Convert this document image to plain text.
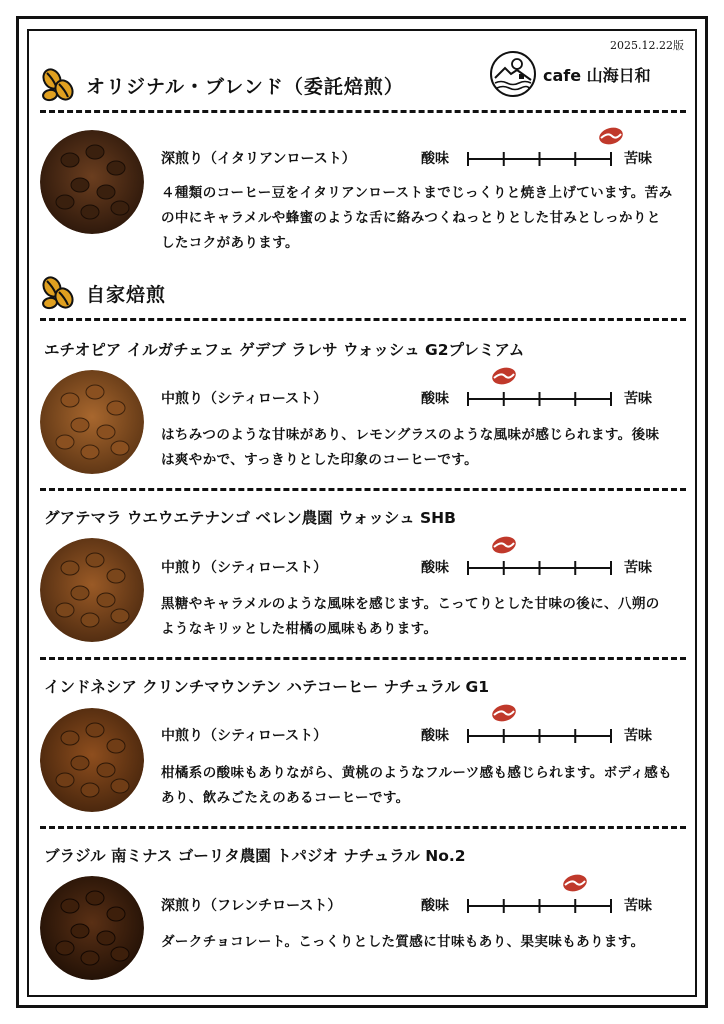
2025.12.22版
cafe 山海日和
オリジナル・ブレンド（委託焙煎）
深煎り（イタリアンロースト）	酸味	苦味
４種類のコーヒー豆をイタリアンローストまでじっくりと焼き上げています。苦みの中にキャラメルや蜂蜜のような舌に絡みつくねっとりとした甘みとしっかりとしたコクがあります。
自家焙煎
エチオピア イルガチェフェ ゲデブ ラレサ ウォッシュ G2プレミアム
中煎り（シティロースト）	酸味	苦味
はちみつのような甘味があり、レモングラスのような風味が感じられます。後味は爽やかで、すっきりとした印象のコーヒーです。
グアテマラ ウエウエテナンゴ ベレン農園 ウォッシュ SHB
中煎り（シティロースト）	酸味	苦味
黒糖やキャラメルのような風味を感じます。こってりとした甘味の後に、八朔のようなキリッとした柑橘の風味もあります。
インドネシア クリンチマウンテン ハテコーヒー ナチュラル G1
中煎り（シティロースト）	酸味	苦味
柑橘系の酸味もありながら、黄桃のようなフルーツ感も感じられます。ボディ感もあり、飲みごたえのあるコーヒーです。
ブラジル 南ミナス ゴーリタ農園 トパジオ ナチュラル No.2
深煎り（フレンチロースト）	酸味	苦味
ダークチョコレート。こっくりとした質感に甘味もあり、果実味もあります。
